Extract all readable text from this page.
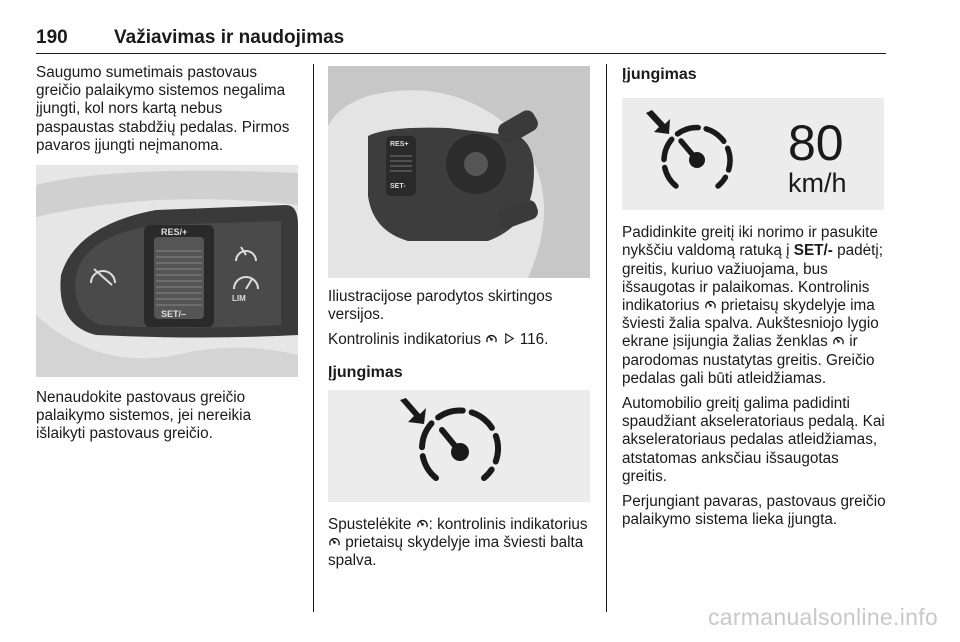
190 Važiavimas ir naudojimas

Saugumo sumetimais pastovaus greičio palaikymo sistemos negalima įjungti, kol nors kartą nebus paspaustas stabdžių pedalas. Pirmos pavaros įjungti neįmanoma.

RES/+
SET/–
LIM

Nenaudokite pastovaus greičio palaikymo sistemos, jei nereikia išlaikyti pastovaus greičio.

RES+
SET-

Iliustracijose parodytos skirtingos versijos.

Kontrolinis indikatorius	116.

Įjungimas

Spustelėkite : kontrolinis indikatorius  prietaisų skydelyje ima šviesti balta spalva.

Įjungimas

80
km/h

Padidinkite greitį iki norimo ir pasukite nykščiu valdomą ratuką į SET/- padėtį; greitis, kuriuo važiuojama, bus išsaugotas ir palaikomas. Kontrolinis indikatorius prietaisų skydelyje ima šviesti žalia spalva. Aukštesniojo lygio ekrane įsijungia žalias ženklas ir parodomas nustatytas greitis. Greičio pedalas gali būti atleidžiamas.

Automobilio greitį galima padidinti spaudžiant akseleratoriaus pedalą. Kai akseleratoriaus pedalas atleidžiamas, atstatomas anksčiau išsaugotas greitis.

Perjungiant pavaras, pastovaus greičio palaikymo sistema lieka įjungta.

carmanualsonline.info
